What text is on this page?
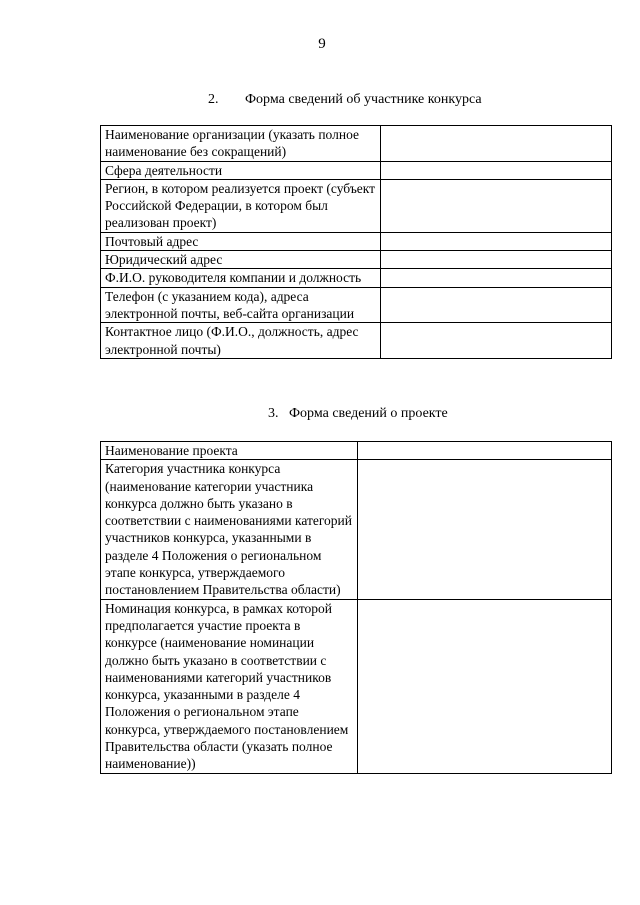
9
2. Форма сведений об участнике конкурса
Наименование организации (указать полное наименование без сокращений)	
Сфера деятельности	
Регион, в котором реализуется проект (субъект Российской Федерации, в котором был реализован проект)	
Почтовый адрес	
Юридический адрес	
Ф.И.О. руководителя компании и должность	
Телефон (с указанием кода), адреса электронной почты, веб-сайта организации	
Контактное лицо (Ф.И.О., должность, адрес электронной почты)	
3. Форма сведений о проекте
Наименование проекта	
Категория участника конкурса (наименование категории участника конкурса должно быть указано в соответствии с наименованиями категорий участников конкурса, указанными в разделе 4 Положения о региональном этапе конкурса, утверждаемого постановлением Правительства области)	
Номинация конкурса, в рамках которой предполагается участие проекта в конкурсе (наименование номинации должно быть указано в соответствии с наименованиями категорий участников конкурса, указанными в разделе 4 Положения о региональном этапе конкурса, утверждаемого постановлением Правительства области (указать полное наименование))	
